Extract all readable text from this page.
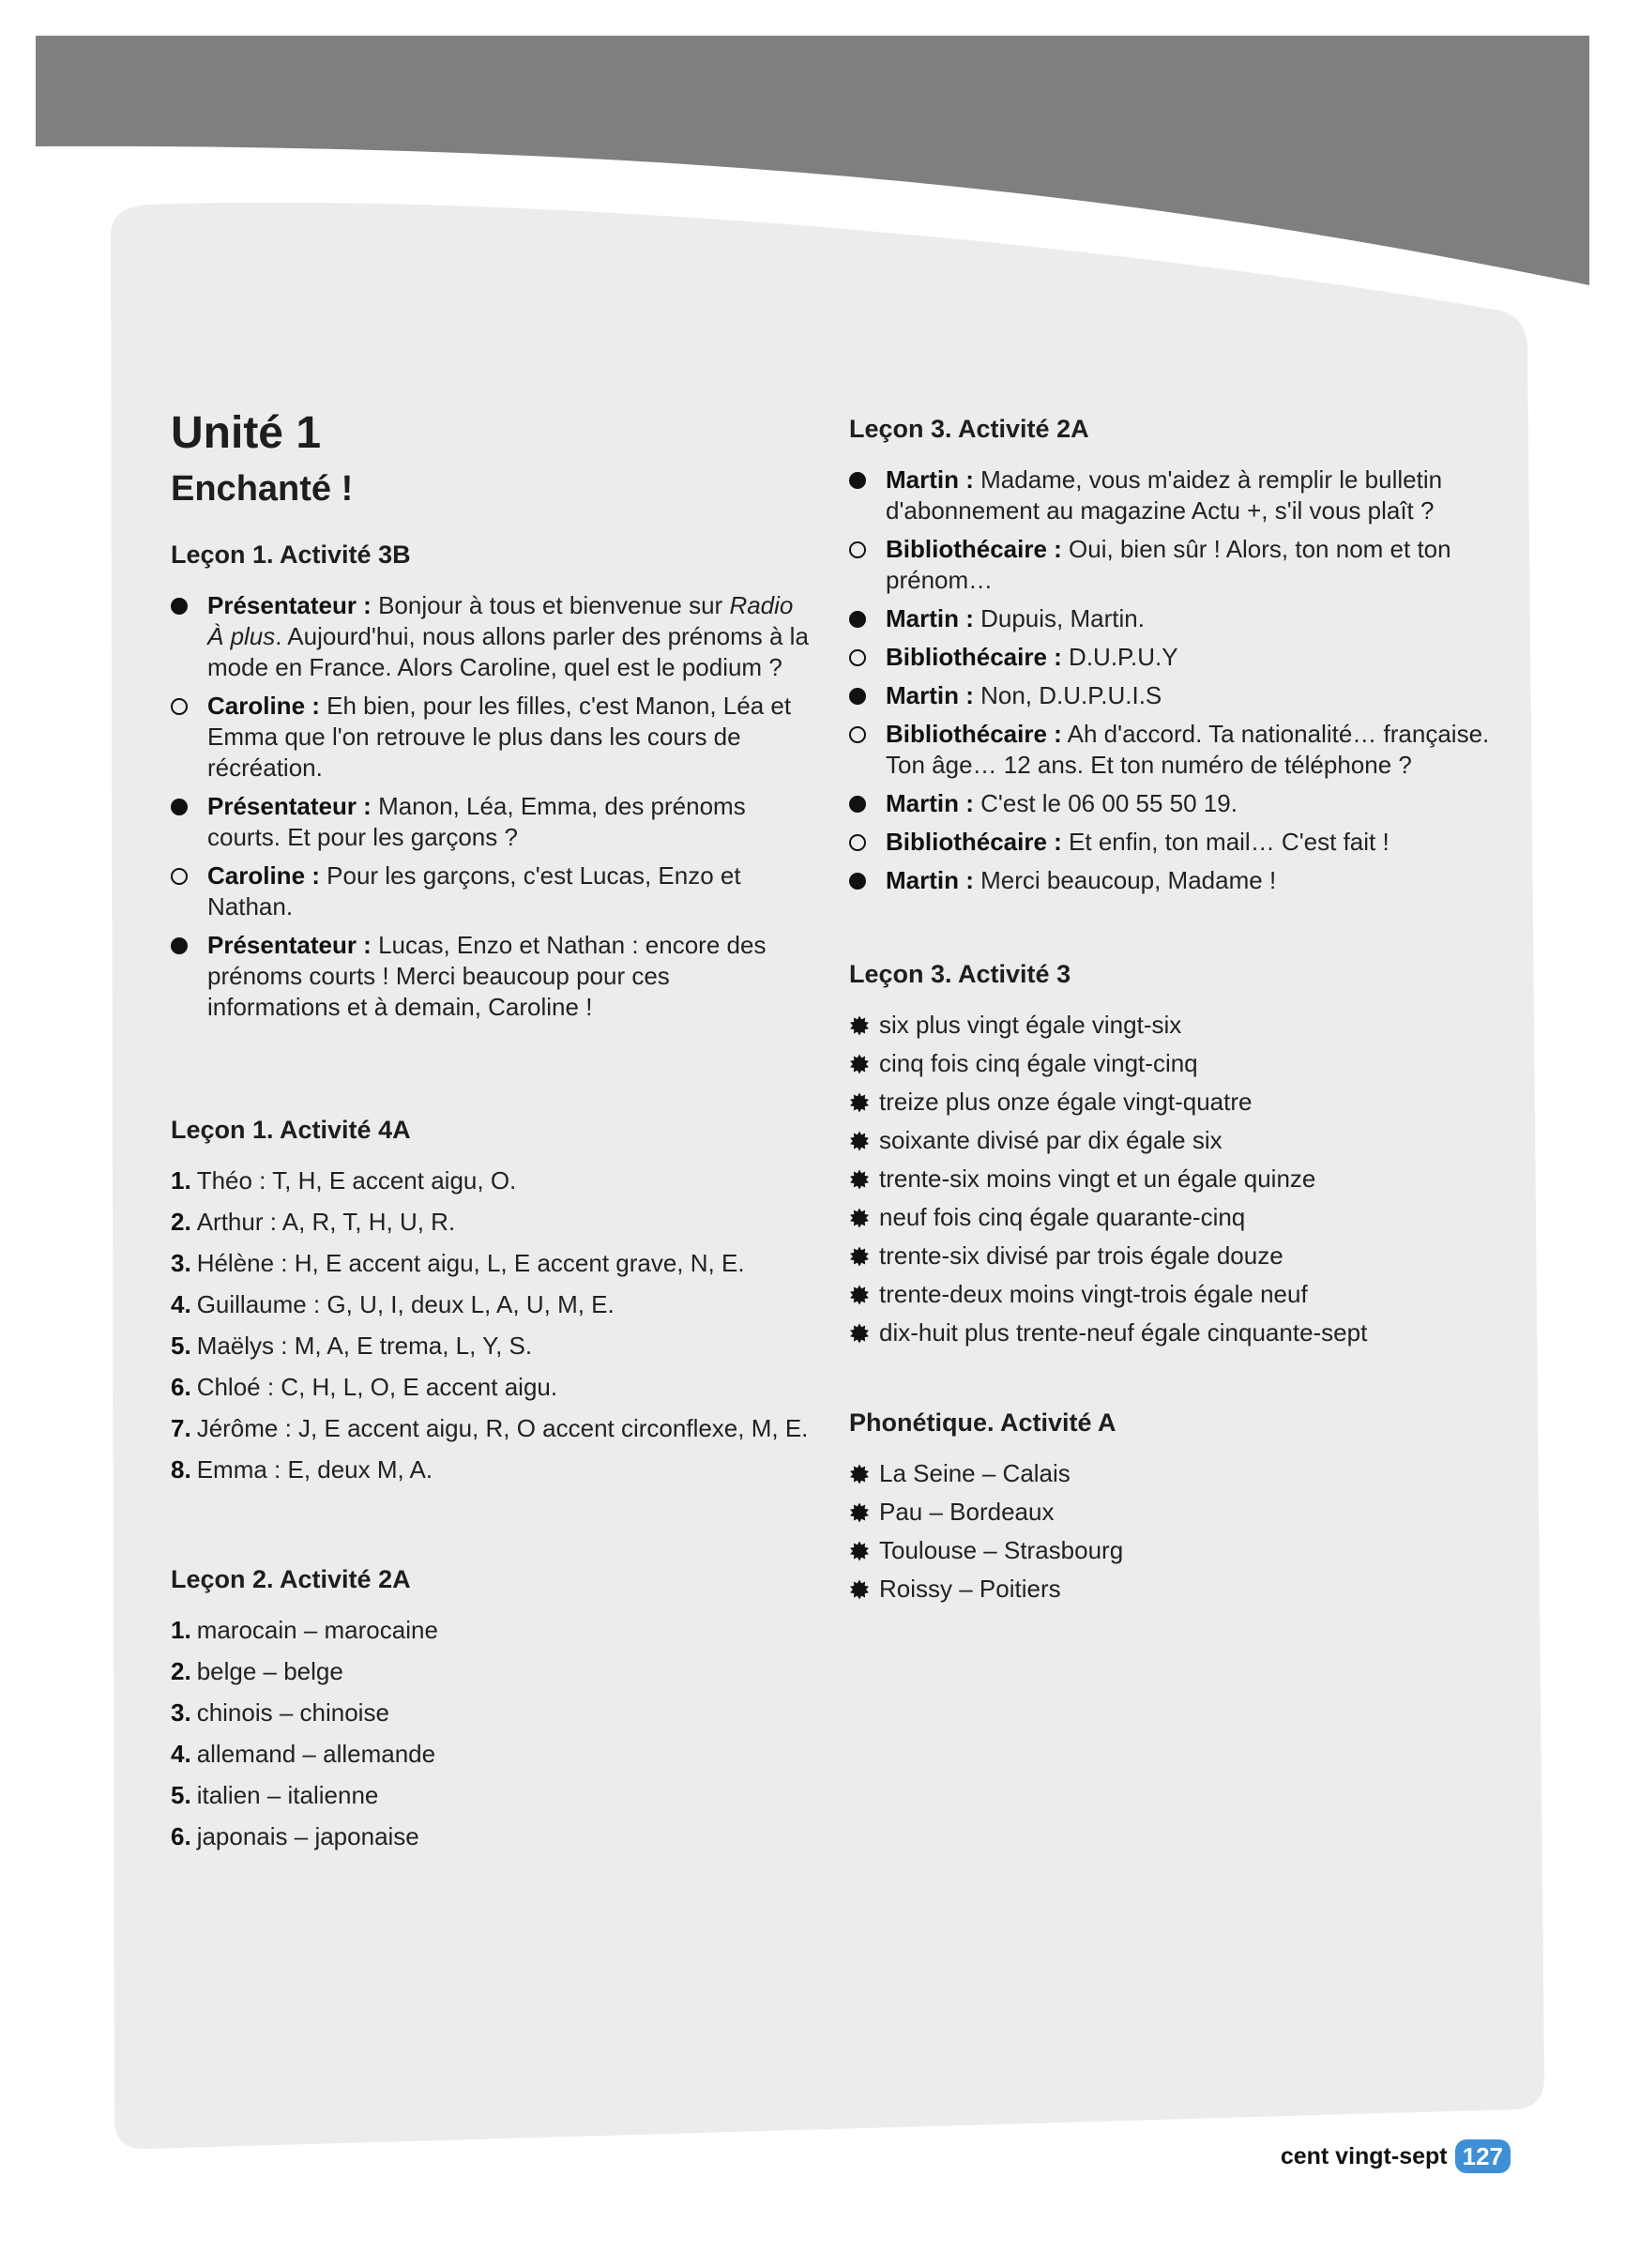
Unité 1
Enchanté !
Leçon 1. Activité 3B
Présentateur : Bonjour à tous et bienvenue sur Radio À plus. Aujourd'hui, nous allons parler des prénoms à la mode en France. Alors Caroline, quel est le podium ?
Caroline : Eh bien, pour les filles, c'est Manon, Léa et Emma que l'on retrouve le plus dans les cours de récréation.
Présentateur : Manon, Léa, Emma, des prénoms courts. Et pour les garçons ?
Caroline : Pour les garçons, c'est Lucas, Enzo et Nathan.
Présentateur : Lucas, Enzo et Nathan : encore des prénoms courts ! Merci beaucoup pour ces informations et à demain, Caroline !
Leçon 1. Activité 4A
1. Théo : T, H, E accent aigu, O.
2. Arthur : A, R, T, H, U, R.
3. Hélène : H, E accent aigu, L, E accent grave, N, E.
4. Guillaume : G, U, I, deux L, A, U, M, E.
5. Maëlys : M, A, E trema, L, Y, S.
6. Chloé : C, H, L, O, E accent aigu.
7. Jérôme : J, E accent aigu, R, O accent circonflexe, M, E.
8. Emma : E, deux M, A.
Leçon 2. Activité 2A
1. marocain – marocaine
2. belge – belge
3. chinois – chinoise
4. allemand – allemande
5. italien – italienne
6. japonais – japonaise
Leçon 3. Activité 2A
Martin : Madame, vous m'aidez à remplir le bulletin d'abonnement au magazine Actu +, s'il vous plaît ?
Bibliothécaire : Oui, bien sûr ! Alors, ton nom et ton prénom…
Martin : Dupuis, Martin.
Bibliothécaire : D.U.P.U.Y
Martin : Non, D.U.P.U.I.S
Bibliothécaire : Ah d'accord. Ta nationalité… française. Ton âge… 12 ans. Et ton numéro de téléphone ?
Martin : C'est le 06 00 55 50 19.
Bibliothécaire : Et enfin, ton mail… C'est fait !
Martin : Merci beaucoup, Madame !
Leçon 3. Activité 3
six plus vingt égale vingt-six
cinq fois cinq égale vingt-cinq
treize plus onze égale vingt-quatre
soixante divisé par dix égale six
trente-six moins vingt et un égale quinze
neuf fois cinq égale quarante-cinq
trente-six divisé par trois égale douze
trente-deux moins vingt-trois égale neuf
dix-huit plus trente-neuf égale cinquante-sept
Phonétique. Activité A
La Seine – Calais
Pau – Bordeaux
Toulouse – Strasbourg
Roissy – Poitiers
cent vingt-sept 127
